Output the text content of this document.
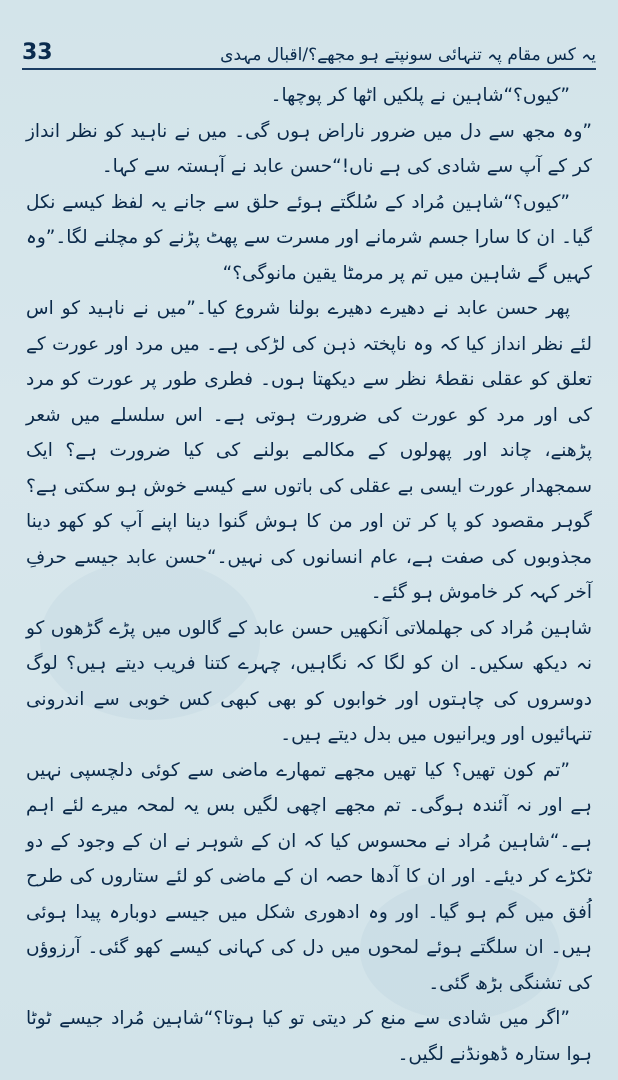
33	یہ کس مقام پہ تنہائی سونپتے ہو مجھے؟/اقبال مہدی

”کیوں؟“شاہین نے پلکیں اٹھا کر پوچھا۔

”وہ مجھ سے دل میں ضرور ناراض ہوں گی۔ میں نے ناہید کو نظر انداز کر کے آپ سے شادی کی ہے ناں!“حسن عابد نے آہستہ سے کہا۔

”کیوں؟“شاہین مُراد کے سُلگتے ہوئے حلق سے جانے یہ لفظ کیسے نکل گیا۔ ان کا سارا جسم شرمانے اور مسرت سے پھٹ پڑنے کو مچلنے لگا۔”وہ کہیں گے شاہین میں تم پر مرمٹا یقین مانوگی؟“

پھر حسن عابد نے دھیرے دھیرے بولنا شروع کیا۔”میں نے ناہید کو اس لئے نظر انداز کیا کہ وہ ناپختہ ذہن کی لڑکی ہے۔ میں مرد اور عورت کے تعلق کو عقلی نقطۂ نظر سے دیکھتا ہوں۔ فطری طور پر عورت کو مرد کی اور مرد کو عورت کی ضرورت ہوتی ہے۔ اس سلسلے میں شعر پڑھنے، چاند اور پھولوں کے مکالمے بولنے کی کیا ضرورت ہے؟ ایک سمجھدار عورت ایسی بے عقلی کی باتوں سے کیسے خوش ہو سکتی ہے؟ گوہر مقصود کو پا کر تن اور من کا ہوش گنوا دینا اپنے آپ کو کھو دینا مجذوبوں کی صفت ہے، عام انسانوں کی نہیں۔“حسن عابد جیسے حرفِ آخر کہہ کر خاموش ہو گئے۔

شاہین مُراد کی جھلملاتی آنکھیں حسن عابد کے گالوں میں پڑے گڑھوں کو نہ دیکھ سکیں۔ ان کو لگا کہ نگاہیں، چہرے کتنا فریب دیتے ہیں؟ لوگ دوسروں کی چاہتوں اور خوابوں کو بھی کبھی کس خوبی سے اندرونی تنہائیوں اور ویرانیوں میں بدل دیتے ہیں۔

”تم کون تھیں؟ کیا تھیں مجھے تمھارے ماضی سے کوئی دلچسپی نہیں ہے اور نہ آئندہ ہوگی۔ تم مجھے اچھی لگیں بس یہ لمحہ میرے لئے اہم ہے۔“شاہین مُراد نے محسوس کیا کہ ان کے شوہر نے ان کے وجود کے دو ٹکڑے کر دیئے۔ اور ان کا آدھا حصہ ان کے ماضی کو لئے ستاروں کی طرح اُفق میں گم ہو گیا۔ اور وہ ادھوری شکل میں جیسے دوبارہ پیدا ہوئی ہیں۔ ان سلگتے ہوئے لمحوں میں دل کی کہانی کیسے کھو گئی۔ آرزوؤں کی تشنگی بڑھ گئی۔

”اگر میں شادی سے منع کر دیتی تو کیا ہوتا؟“شاہین مُراد جیسے ٹوٹا ہوا ستارہ ڈھونڈنے لگیں۔
